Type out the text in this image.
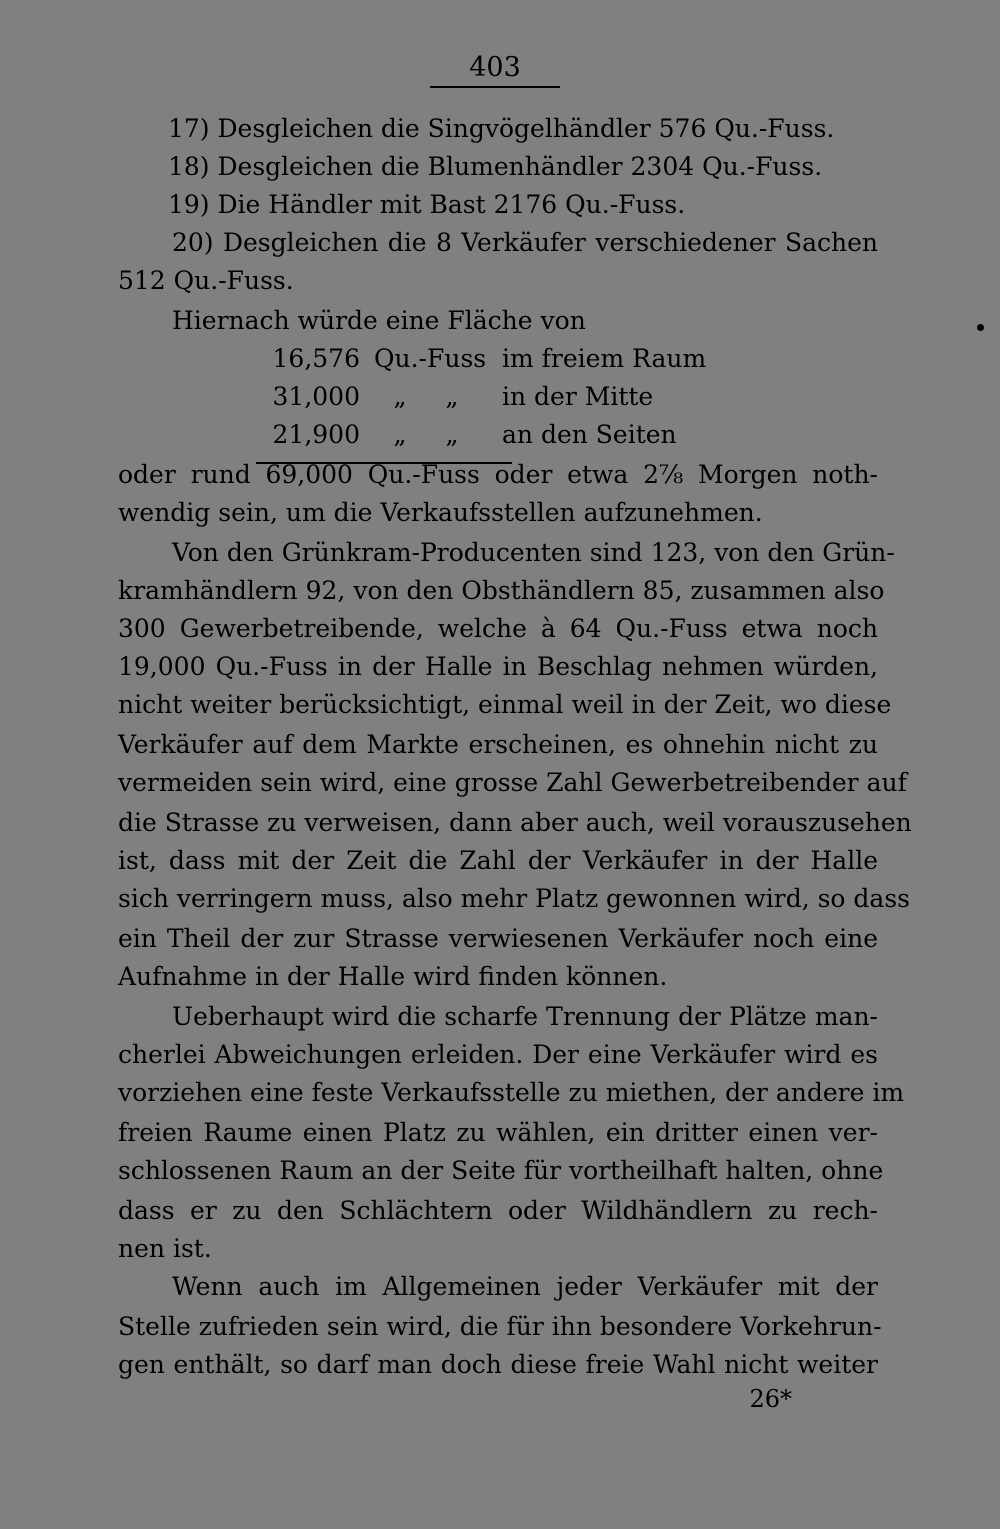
403
17) Desgleichen die Singvögelhändler 576 Qu.-Fuss.
18) Desgleichen die Blumenhändler 2304 Qu.-Fuss.
19) Die Händler mit Bast 2176 Qu.-Fuss.
20) Desgleichen die 8 Verkäufer verschiedener Sachen
512 Qu.-Fuss.
Hiernach würde eine Fläche von
16,576 Qu.-Fuss im freiem Raum
31,000 „ „ in der Mitte
21,900 „ „ an den Seiten
oder rund 69,000 Qu.-Fuss oder etwa 2⅞ Morgen noth-
wendig sein, um die Verkaufsstellen aufzunehmen.
Von den Grünkram-Producenten sind 123, von den Grün-
kramhändlern 92, von den Obsthändlern 85, zusammen also
300 Gewerbetreibende, welche à 64 Qu.-Fuss etwa noch
19,000 Qu.-Fuss in der Halle in Beschlag nehmen würden,
nicht weiter berücksichtigt, einmal weil in der Zeit, wo diese
Verkäufer auf dem Markte erscheinen, es ohnehin nicht zu
vermeiden sein wird, eine grosse Zahl Gewerbetreibender auf
die Strasse zu verweisen, dann aber auch, weil vorauszusehen
ist, dass mit der Zeit die Zahl der Verkäufer in der Halle
sich verringern muss, also mehr Platz gewonnen wird, so dass
ein Theil der zur Strasse verwiesenen Verkäufer noch eine
Aufnahme in der Halle wird finden können.
Ueberhaupt wird die scharfe Trennung der Plätze man-
cherlei Abweichungen erleiden. Der eine Verkäufer wird es
vorziehen eine feste Verkaufsstelle zu miethen, der andere im
freien Raume einen Platz zu wählen, ein dritter einen ver-
schlossenen Raum an der Seite für vortheilhaft halten, ohne
dass er zu den Schlächtern oder Wildhändlern zu rech-
nen ist.
Wenn auch im Allgemeinen jeder Verkäufer mit der
Stelle zufrieden sein wird, die für ihn besondere Vorkehrun-
gen enthält, so darf man doch diese freie Wahl nicht weiter
26*
